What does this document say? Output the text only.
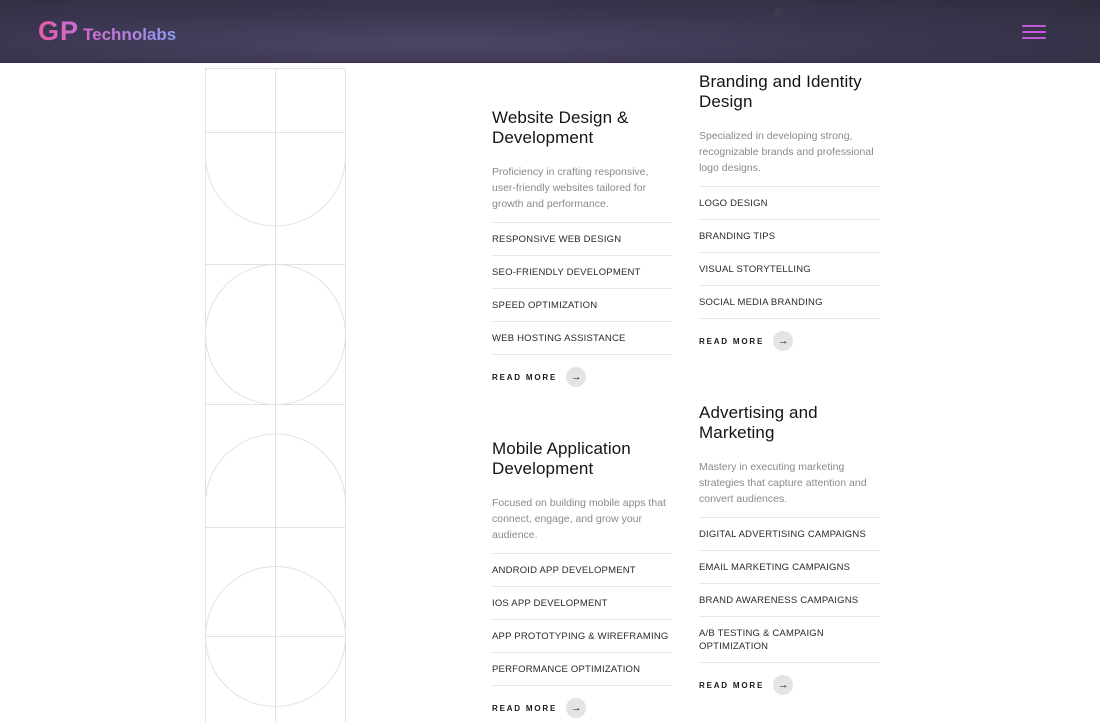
GP Technolabs
Website Design & Development

Proficiency in crafting responsive, user-friendly websites tailored for growth and performance.

RESPONSIVE WEB DESIGN
SEO-FRIENDLY DEVELOPMENT
SPEED OPTIMIZATION
WEB HOSTING ASSISTANCE
READ MORE	→
Branding and Identity Design

Specialized in developing strong, recognizable brands and professional logo designs.

LOGO DESIGN
BRANDING TIPS
VISUAL STORYTELLING
SOCIAL MEDIA BRANDING
READ MORE	→
Mobile Application Development

Focused on building mobile apps that connect, engage, and grow your audience.

ANDROID APP DEVELOPMENT
IOS APP DEVELOPMENT
APP PROTOTYPING & WIREFRAMING
PERFORMANCE OPTIMIZATION
READ MORE	→
Advertising and Marketing

Mastery in executing marketing strategies that capture attention and convert audiences.

DIGITAL ADVERTISING CAMPAIGNS
EMAIL MARKETING CAMPAIGNS
BRAND AWARENESS CAMPAIGNS
A/B TESTING & CAMPAIGN OPTIMIZATION
READ MORE	→
